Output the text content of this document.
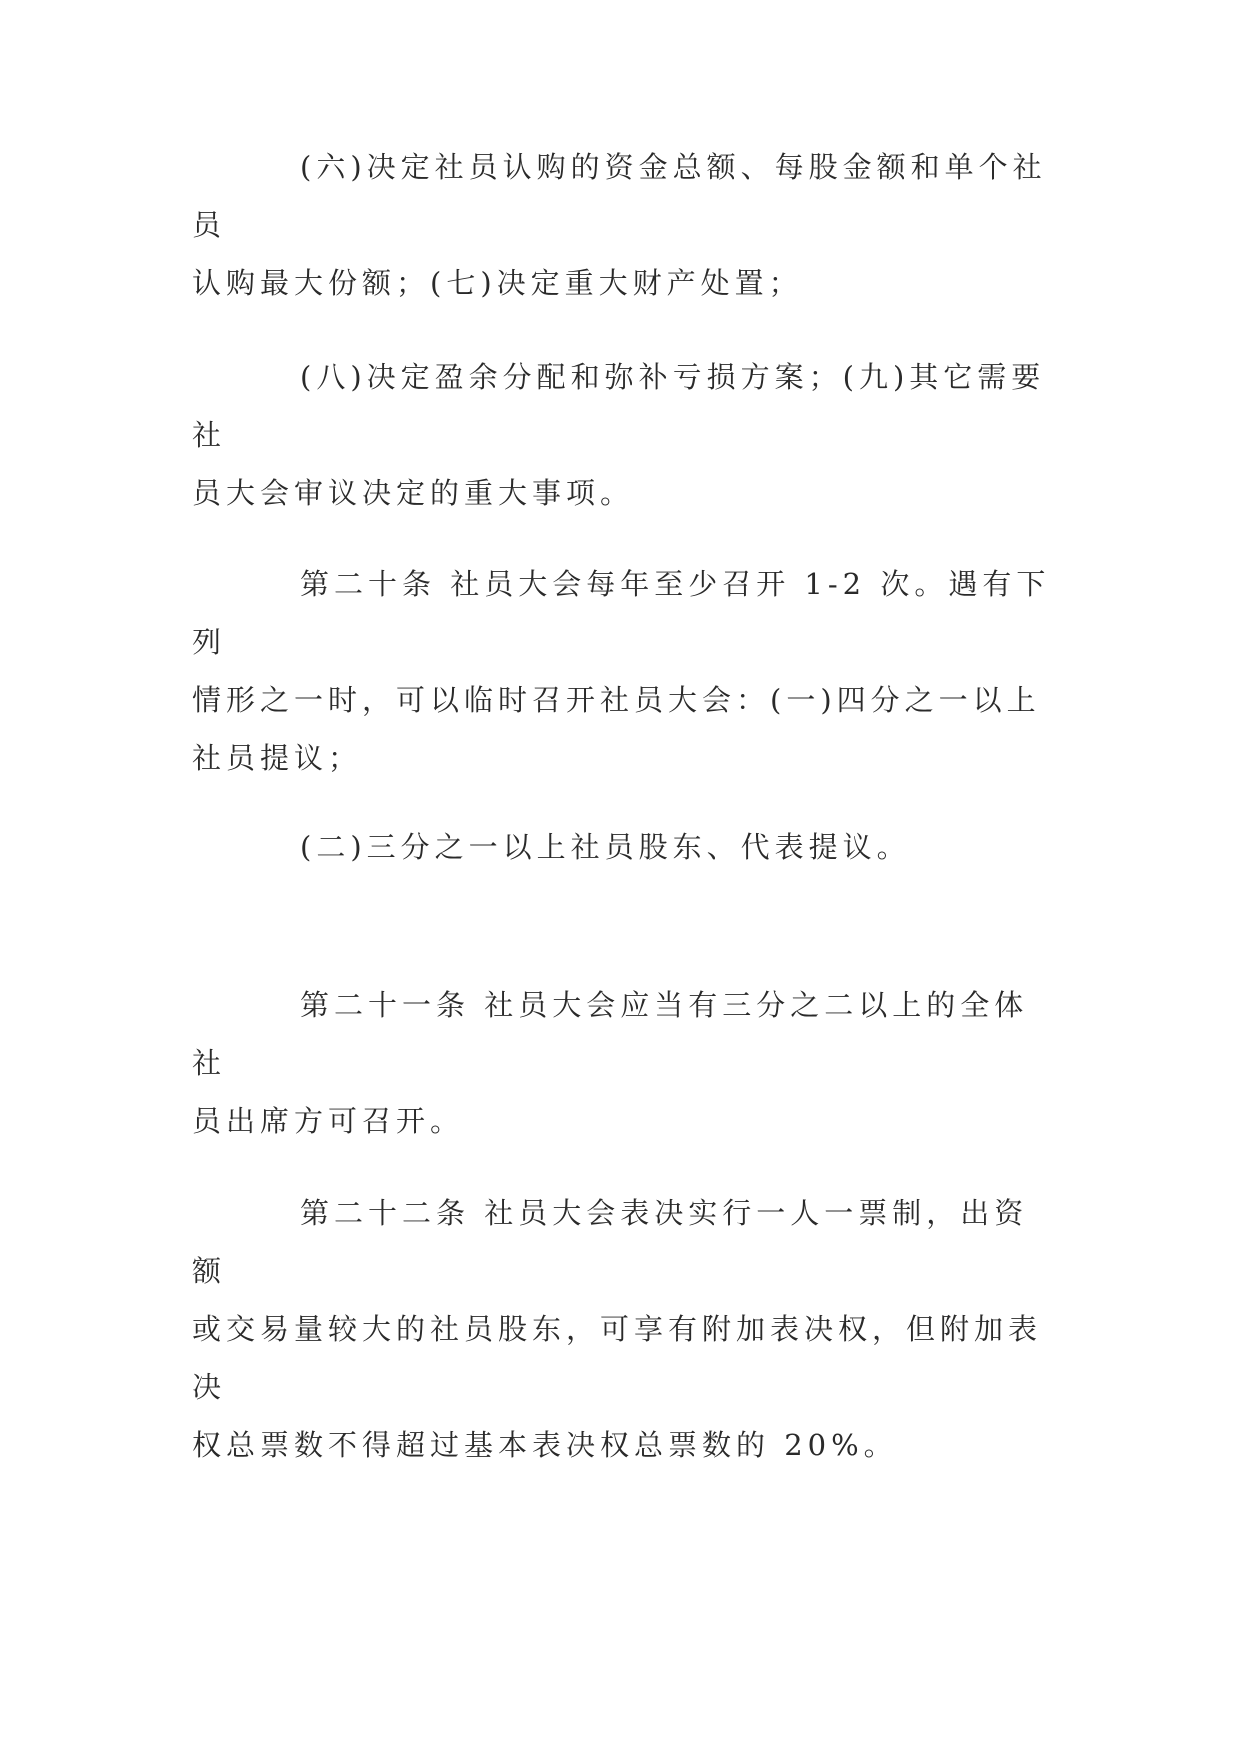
(六)决定社员认购的资金总额、每股金额和单个社员
认购最大份额；(七)决定重大财产处置；

(八)决定盈余分配和弥补亏损方案；(九)其它需要社
员大会审议决定的重大事项。

第二十条 社员大会每年至少召开 1-2 次。遇有下列
情形之一时，可以临时召开社员大会：(一)四分之一以上
社员提议；

(二)三分之一以上社员股东、代表提议。

第二十一条 社员大会应当有三分之二以上的全体社
员出席方可召开。

第二十二条 社员大会表决实行一人一票制，出资额
或交易量较大的社员股东，可享有附加表决权，但附加表决
权总票数不得超过基本表决权总票数的 20%。
